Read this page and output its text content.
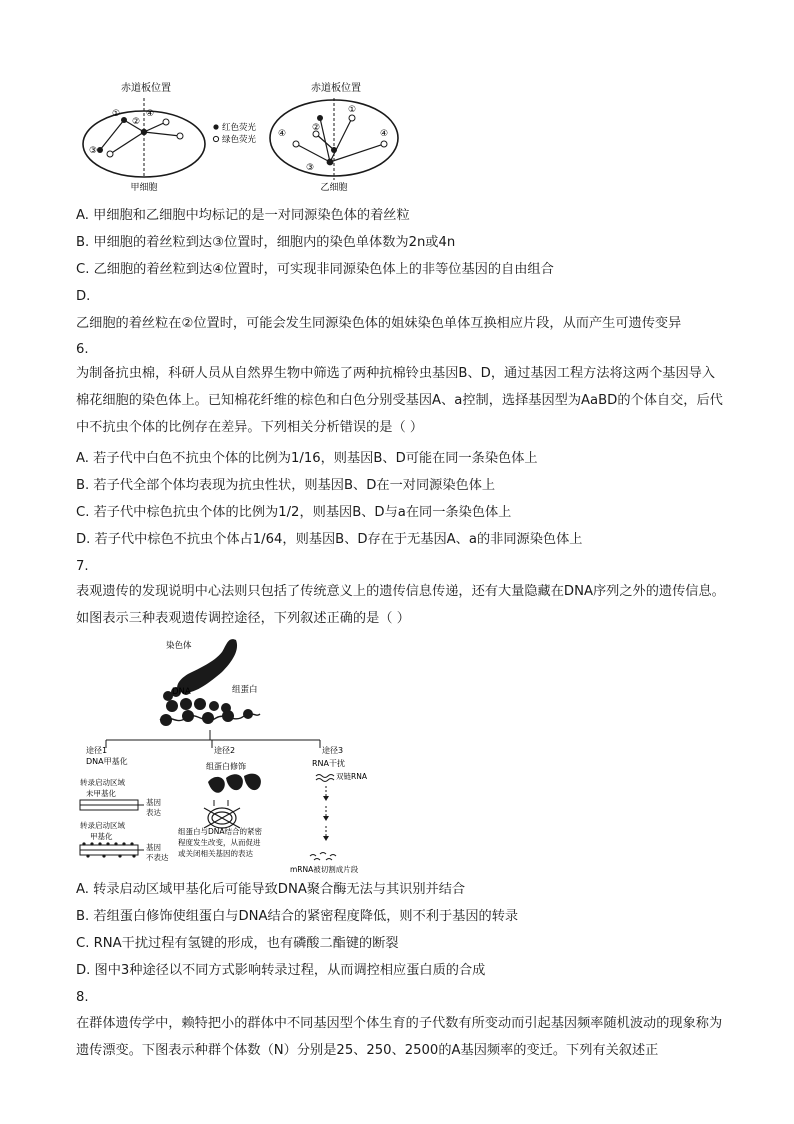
赤道板位置
①
②
③
④
甲细胞
红色荧光
绿色荧光
赤道板位置
①
②
③
④	④
乙细胞
A. 甲细胞和乙细胞中均标记的是一对同源染色体的着丝粒
B. 甲细胞的着丝粒到达③位置时，细胞内的染色单体数为2n或4n
C. 乙细胞的着丝粒到达④位置时，可实现非同源染色体上的非等位基因的自由组合
D.
乙细胞的着丝粒在②位置时，可能会发生同源染色体的姐妹染色单体互换相应片段，从而产生可遗传变异
6.
为制备抗虫棉，科研人员从自然界生物中筛选了两种抗棉铃虫基因B、D，通过基因工程方法将这两个基因导入棉花细胞的染色体上。已知棉花纤维的棕色和白色分别受基因A、a控制，选择基因型为AaBD的个体自交，后代中不抗虫个体的比例存在差异。下列相关分析错误的是（ ）
A. 若子代中白色不抗虫个体的比例为1/16，则基因B、D可能在同一条染色体上
B. 若子代全部个体均表现为抗虫性状，则基因B、D在一对同源染色体上
C. 若子代中棕色抗虫个体的比例为1/2，则基因B、D与a在同一条染色体上
D. 若子代中棕色不抗虫个体占1/64，则基因B、D存在于无基因A、a的非同源染色体上
7.
表观遗传的发现说明中心法则只包括了传统意义上的遗传信息传递，还有大量隐藏在DNA序列之外的遗传信息。如图表示三种表观遗传调控途径，下列叙述正确的是（ ）
染色体
DNA	组蛋白
途径1
DNA甲基化
转录启动区域
未甲基化
基因
表达
转录启动区域
甲基化
基因
不表达
途径2
组蛋白修饰
组蛋白与DNA结合的紧密
程度发生改变，从而促进
或关闭相关基因的表达
途径3
RNA干扰
双链RNA
mRNA被切割成片段
A. 转录启动区域甲基化后可能导致DNA聚合酶无法与其识别并结合
B. 若组蛋白修饰使组蛋白与DNA结合的紧密程度降低，则不利于基因的转录
C. RNA干扰过程有氢键的形成，也有磷酸二酯键的断裂
D. 图中3种途径以不同方式影响转录过程，从而调控相应蛋白质的合成
8.
在群体遗传学中，赖特把小的群体中不同基因型个体生育的子代数有所变动而引起基因频率随机波动的现象称为遗传漂变。下图表示种群个体数（N）分别是25、250、2500的A基因频率的变迁。下列有关叙述正
